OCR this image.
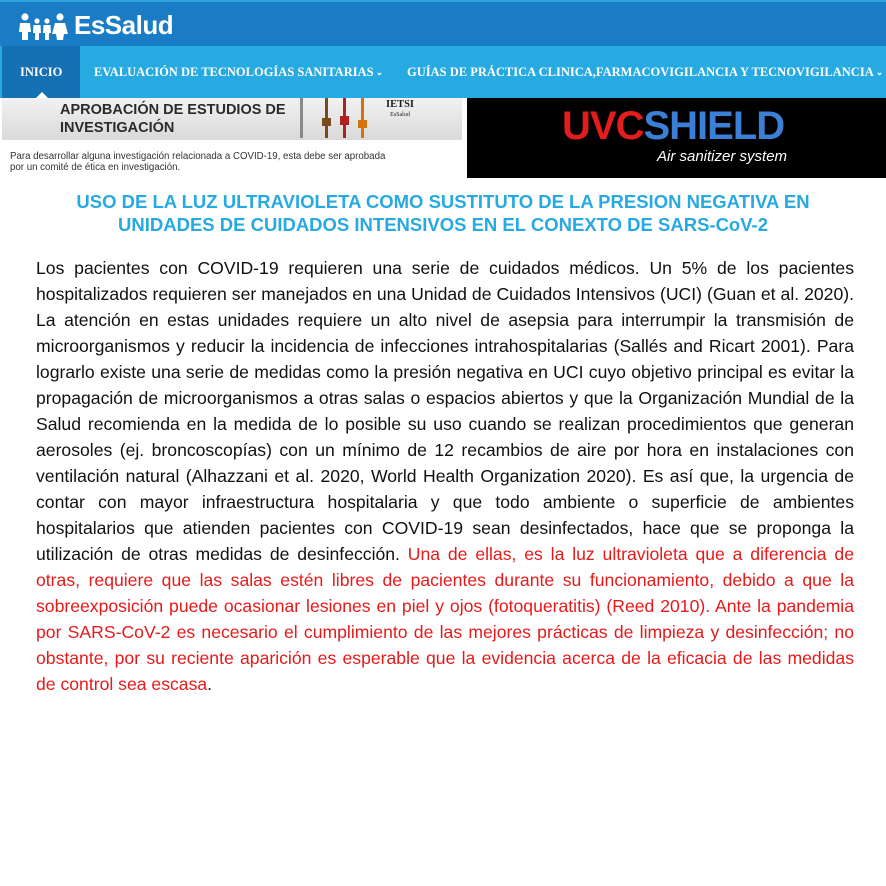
EsSalud
INICIO	EVALUACIÓN DE TECNOLOGÍAS SANITARIAS ⌄ GUÍAS DE PRÁCTICA CLINICA,FARMACOVIGILANCIA Y TECNOVIGILANCIA ⌄
APROBACIÓN DE ESTUDIOS DE
INVESTIGACIÓN
IETSI
EsSalud
Para desarrollar alguna investigación relacionada a COVID-19, esta debe ser aprobada
por un comité de ética en investigación.
UVCSHIELD
Air sanitizer system
USO DE LA LUZ ULTRAVIOLETA COMO SUSTITUTO DE LA PRESION NEGATIVA EN UNIDADES DE CUIDADOS INTENSIVOS EN EL CONEXTO DE SARS-CoV-2
Los pacientes con COVID-19 requieren una serie de cuidados médicos. Un 5% de los pacientes hospitalizados requieren ser manejados en una Unidad de Cuidados Intensivos (UCI) (Guan et al. 2020). La atención en estas unidades requiere un alto nivel de asepsia para interrumpir la transmisión de microorganismos y reducir la incidencia de infecciones intrahospitalarias (Sallés and Ricart 2001). Para lograrlo existe una serie de medidas como la presión negativa en UCI cuyo objetivo principal es evitar la propagación de microorganismos a otras salas o espacios abiertos y que la Organización Mundial de la Salud recomienda en la medida de lo posible su uso cuando se realizan procedimientos que generan aerosoles (ej. broncoscopías) con un mínimo de 12 recambios de aire por hora en instalaciones con ventilación natural (Alhazzani et al. 2020, World Health Organization 2020). Es así que, la urgencia de contar con mayor infraestructura hospitalaria y que todo ambiente o superficie de ambientes hospitalarios que atienden pacientes con COVID-19 sean desinfectados, hace que se proponga la utilización de otras medidas de desinfección. Una de ellas, es la luz ultravioleta que a diferencia de otras, requiere que las salas estén libres de pacientes durante su funcionamiento, debido a que la sobreexposición puede ocasionar lesiones en piel y ojos (fotoqueratitis) (Reed 2010). Ante la pandemia por SARS-CoV-2 es necesario el cumplimiento de las mejores prácticas de limpieza y desinfección; no obstante, por su reciente aparición es esperable que la evidencia acerca de la eficacia de las medidas de control sea escasa.
